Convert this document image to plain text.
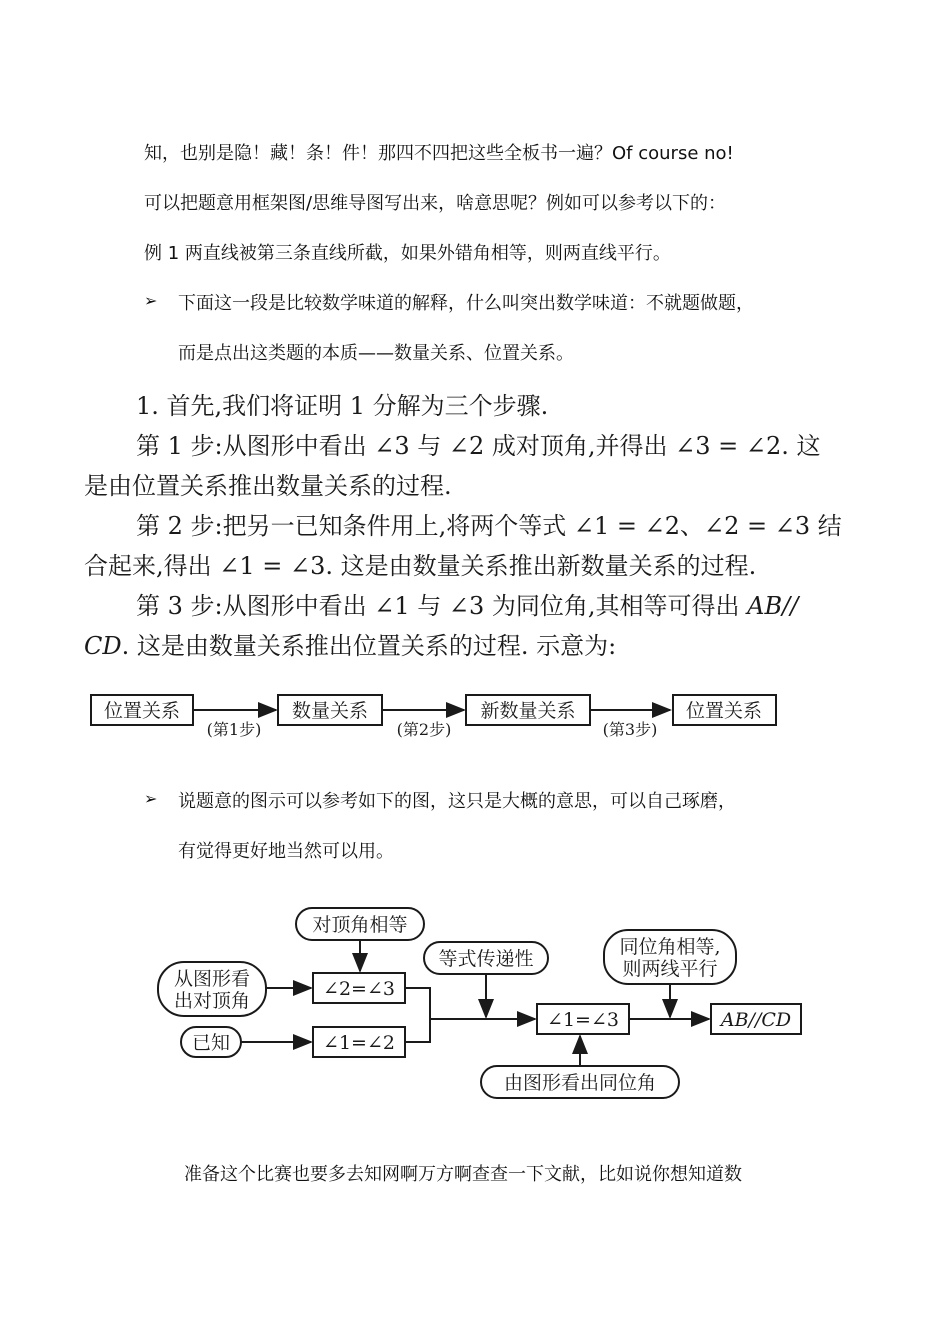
知，也别是隐！藏！条！件！那四不四把这些全板书一遍？Of course no!
可以把题意用框架图/思维导图写出来，啥意思呢？例如可以参考以下的：
例 1 两直线被第三条直线所截，如果外错角相等，则两直线平行。
➢ 下面这一段是比较数学味道的解释，什么叫突出数学味道：不就题做题，
而是点出这类题的本质——数量关系、位置关系。
1. 首先,我们将证明 1 分解为三个步骤.
第 1 步:从图形中看出 ∠3 与 ∠2 成对顶角,并得出 ∠3 = ∠2. 这
是由位置关系推出数量关系的过程.
第 2 步:把另一已知条件用上,将两个等式 ∠1 = ∠2、∠2 = ∠3 结
合起来,得出 ∠1 = ∠3. 这是由数量关系推出新数量关系的过程.
第 3 步:从图形中看出 ∠1 与 ∠3 为同位角,其相等可得出 AB//
CD. 这是由数量关系推出位置关系的过程. 示意为:
位置关系
(第1步)
数量关系
(第2步)
新数量关系
(第3步)
位置关系
➢ 说题意的图示可以参考如下的图，这只是大概的意思，可以自己琢磨，
有觉得更好地当然可以用。
对顶角相等
从图形看
出对顶角
已知
∠2=∠3
∠1=∠2
等式传递性
∠1=∠3
同位角相等,
则两线平行
AB//CD
由图形看出同位角
准备这个比赛也要多去知网啊万方啊查查一下文献，比如说你想知道数
